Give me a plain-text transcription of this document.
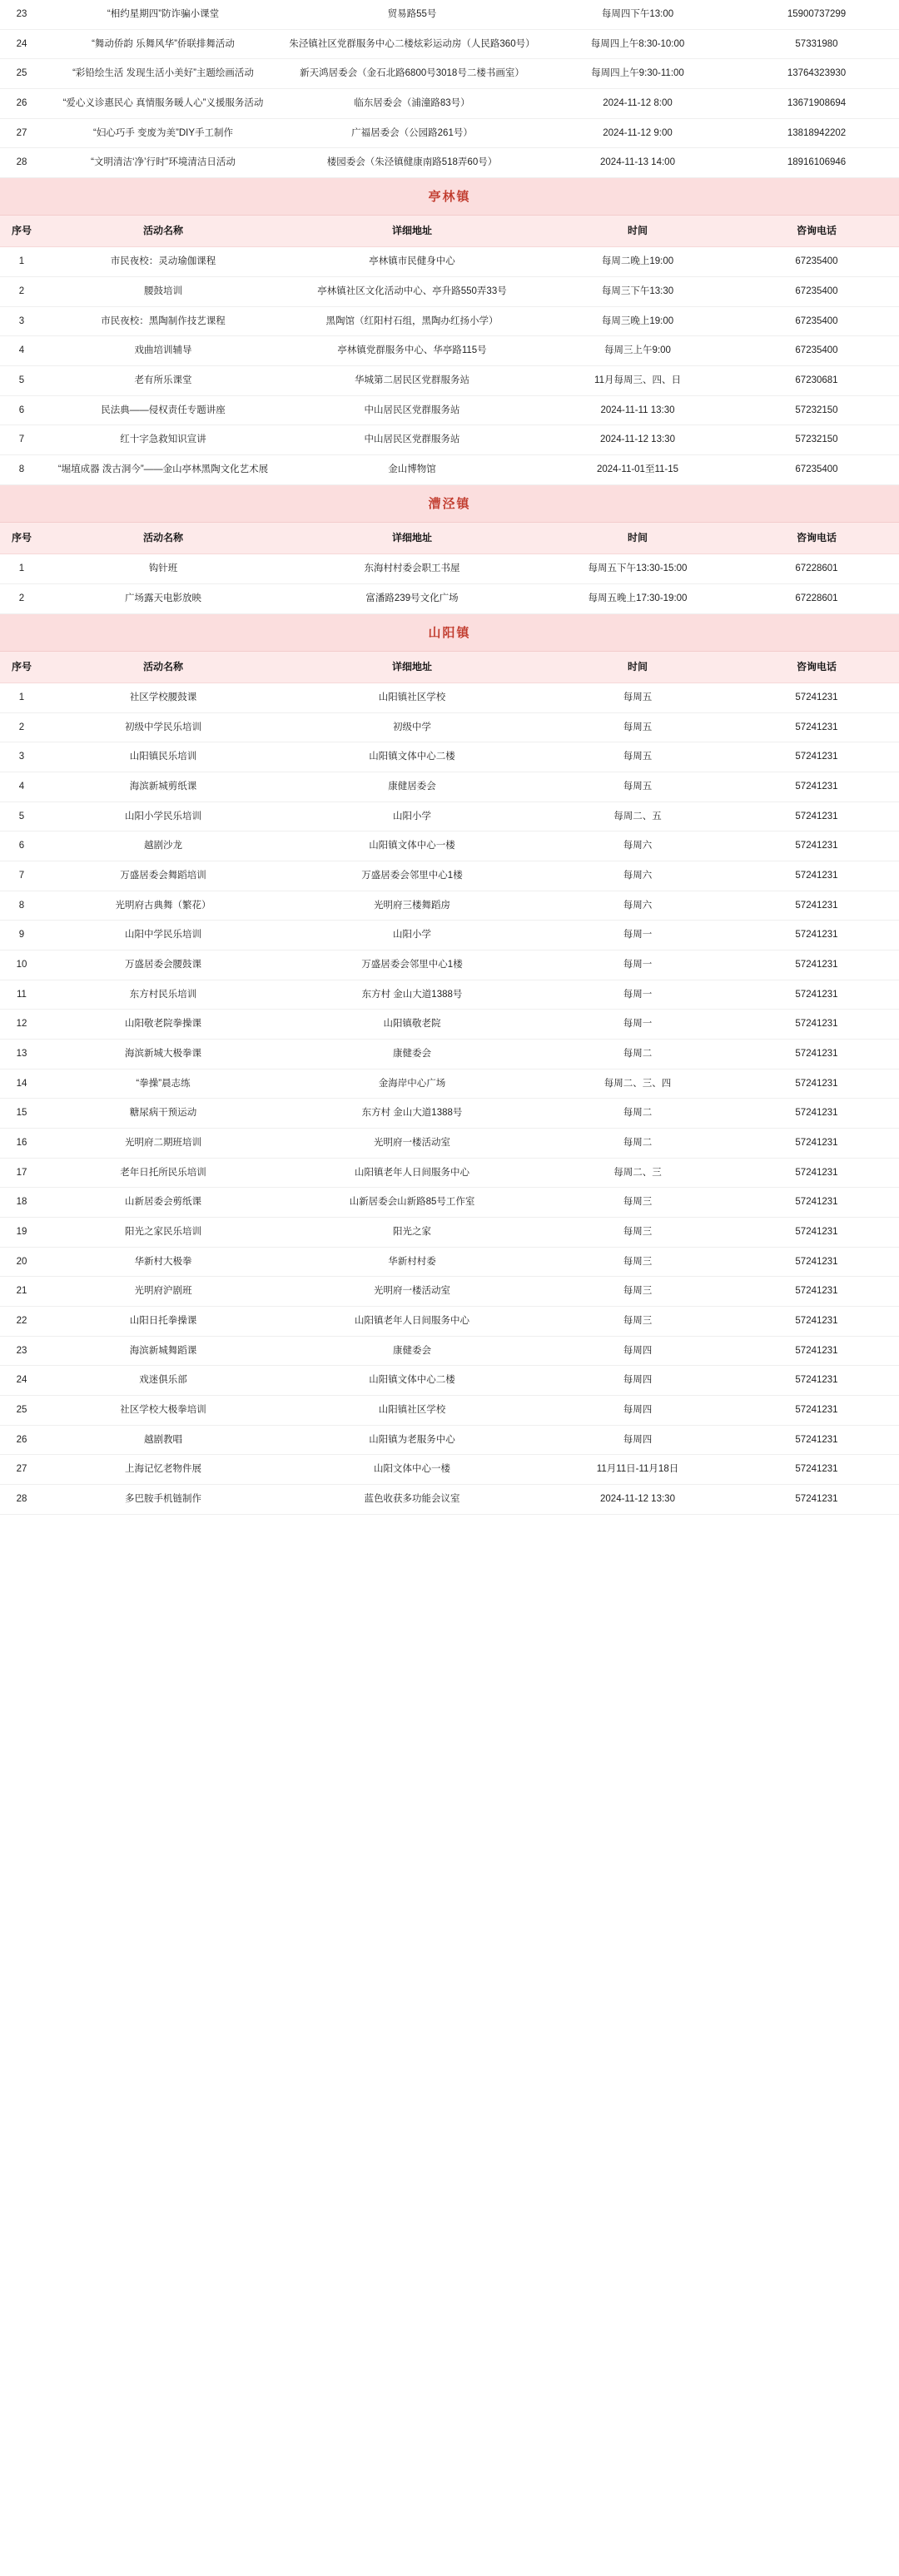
23	“相约星期四”防诈骗小课堂	贸易路55号	每周四下午13:00	15900737299
24	“舞动侨韵 乐舞风华”侨联排舞活动	朱泾镇社区党群服务中心二楼炫彩运动房（人民路360号）	每周四上午8:30-10:00	57331980
25	“彩铅绘生活 发现生活小美好”主题绘画活动	新天鸿居委会（金石北路6800号3018号二楼书画室）	每周四上午9:30-11:00	13764323930
26	“爱心义诊惠民心 真情服务暖人心”义援服务活动	临东居委会（浦潼路83号）	2024-11-12 8:00	13671908694
27	“妇心巧手 变废为美”DIY手工制作	广福居委会（公园路261号）	2024-11-12 9:00	13818942202
28	“文明清洁‘净’行时”环境清洁日活动	楼园委会（朱泾镇健康南路518弄60号）	2024-11-13 14:00	18916106946
亭林镇
序号	活动名称	详细地址	时间	咨询电话
1	市民夜校：灵动瑜伽课程	亭林镇市民健身中心	每周二晚上19:00	67235400
2	腰鼓培训	亭林镇社区文化活动中心、亭升路550弄33号	每周三下午13:30	67235400
3	市民夜校：黑陶制作技艺课程	黑陶馆（红阳村石组，黑陶办红扬小学）	每周三晚上19:00	67235400
4	戏曲培训辅导	亭林镇党群服务中心、华亭路115号	每周三上午9:00	67235400
5	老有所乐课堂	华城第二居民区党群服务站	11月每周三、四、日	67230681
6	民法典——侵权责任专题讲座	中山居民区党群服务站	2024-11-11 13:30	57232150
7	红十字急救知识宣讲	中山居民区党群服务站	2024-11-12 13:30	57232150
8	“堀埴成器 泼古洞今”——金山亭林黑陶文化艺术展	金山博物馆	2024-11-01至11-15	67235400
漕泾镇
序号	活动名称	详细地址	时间	咨询电话
1	钩针班	东海村村委会职工书屋	每周五下午13:30-15:00	67228601
2	广场露天电影放映	富潘路239号文化广场	每周五晚上17:30-19:00	67228601
山阳镇
序号	活动名称	详细地址	时间	咨询电话
1	社区学校腰鼓课	山阳镇社区学校	每周五	57241231
2	初级中学民乐培训	初级中学	每周五	57241231
3	山阳镇民乐培训	山阳镇文体中心二楼	每周五	57241231
4	海滨新城剪纸课	康健居委会	每周五	57241231
5	山阳小学民乐培训	山阳小学	每周二、五	57241231
6	越剧沙龙	山阳镇文体中心一楼	每周六	57241231
7	万盛居委会舞蹈培训	万盛居委会邻里中心1楼	每周六	57241231
8	光明府古典舞（繁花）	光明府三楼舞蹈房	每周六	57241231
9	山阳中学民乐培训	山阳小学	每周一	57241231
10	万盛居委会腰鼓课	万盛居委会邻里中心1楼	每周一	57241231
11	东方村民乐培训	东方村 金山大道1388号	每周一	57241231
12	山阳敬老院拳操课	山阳镇敬老院	每周一	57241231
13	海滨新城大极拳课	康健委会	每周二	57241231
14	“拳操”晨志练	金海岸中心广场	每周二、三、四	57241231
15	糖尿病干预运动	东方村 金山大道1388号	每周二	57241231
16	光明府二期班培训	光明府一楼活动室	每周二	57241231
17	老年日托所民乐培训	山阳镇老年人日间服务中心	每周二、三	57241231
18	山新居委会剪纸课	山新居委会山新路85号工作室	每周三	57241231
19	阳光之家民乐培训	阳光之家	每周三	57241231
20	华新村大极拳	华新村村委	每周三	57241231
21	光明府沪剧班	光明府一楼活动室	每周三	57241231
22	山阳日托拳操课	山阳镇老年人日间服务中心	每周三	57241231
23	海滨新城舞蹈课	康健委会	每周四	57241231
24	戏迷俱乐部	山阳镇文体中心二楼	每周四	57241231
25	社区学校大极拳培训	山阳镇社区学校	每周四	57241231
26	越剧教唱	山阳镇为老服务中心	每周四	57241231
27	上海记忆老物件展	山阳文体中心一楼	11月11日-11月18日	57241231
28	多巴胺手机链制作	蓝色收获多功能会议室	2024-11-12 13:30	57241231
